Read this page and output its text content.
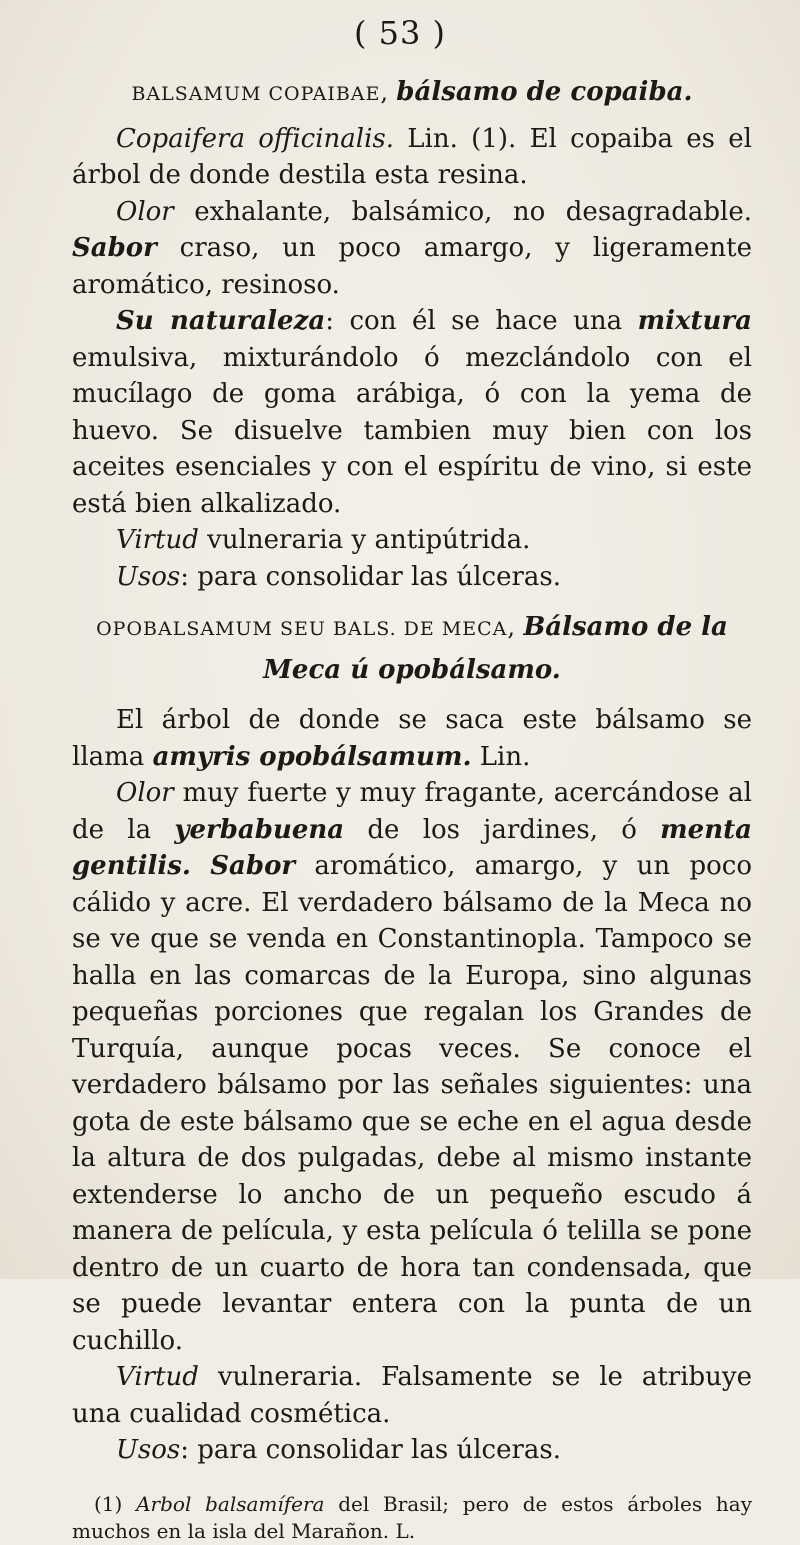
( 53 )

BALSAMUM COPAIBAE, bálsamo de copaiba.

Copaifera officinalis. Lin. (1). El copaiba es el árbol de donde destila esta resina.

Olor exhalante, balsámico, no desagradable. Sabor craso, un poco amargo, y ligeramente aromático, resinoso.

Su naturaleza: con él se hace una mixtura emulsiva, mixturándolo ó mezclándolo con el mucílago de goma arábiga, ó con la yema de huevo. Se disuelve tambien muy bien con los aceites esenciales y con el espíritu de vino, si este está bien alkalizado.

Virtud vulneraria y antipútrida.

Usos: para consolidar las úlceras.

OPOBALSAMUM SEU BALS. DE MECA, Bálsamo de la

Meca ú opobálsamo.

El árbol de donde se saca este bálsamo se llama amyris opobálsamum. Lin.

Olor muy fuerte y muy fragante, acercándose al de la yerbabuena de los jardines, ó menta gentilis. Sabor aromático, amargo, y un poco cálido y acre. El verdadero bálsamo de la Meca no se ve que se venda en Constantinopla. Tampoco se halla en las comarcas de la Europa, sino algunas pequeñas porciones que regalan los Grandes de Turquía, aunque pocas veces. Se conoce el verdadero bálsamo por las señales siguientes: una gota de este bálsamo que se eche en el agua desde la altura de dos pulgadas, debe al mismo instante extenderse lo ancho de un pequeño escudo á manera de película, y esta película ó telilla se pone dentro de un cuarto de hora tan condensada, que se puede levantar entera con la punta de un cuchillo.

Virtud vulneraria. Falsamente se le atribuye una cualidad cosmética.

Usos: para consolidar las úlceras.

(1) Arbol balsamífera del Brasil; pero de estos árboles hay muchos en la isla del Marañon. L.
